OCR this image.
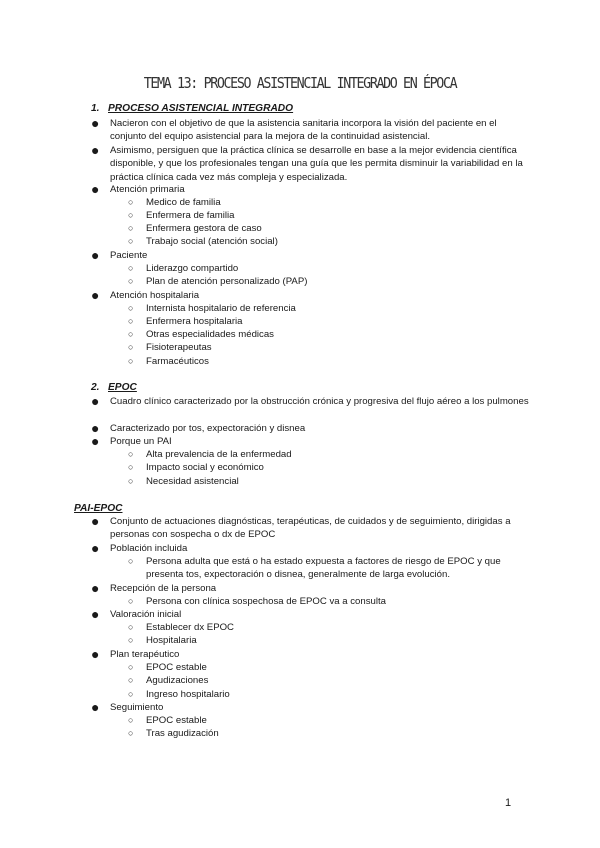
TEMA 13: PROCESO ASISTENCIAL INTEGRADO EN ÉPOCA
1. PROCESO ASISTENCIAL INTEGRADO
● Nacieron con el objetivo de que la asistencia sanitaria incorpora la visión del paciente en el conjunto del equipo asistencial para la mejora de la continuidad asistencial.
● Asimismo, persiguen que la práctica clínica se desarrolle en base a la mejor evidencia científica disponible, y que los profesionales tengan una guía que les permita disminuir la variabilidad en la práctica clínica cada vez más compleja y especializada.
● Atención primaria
○ Medico de familia
○ Enfermera de familia
○ Enfermera gestora de caso
○ Trabajo social (atención social)
● Paciente
○ Liderazgo compartido
○ Plan de atención personalizado (PAP)
● Atención hospitalaria
○ Internista hospitalario de referencia
○ Enfermera hospitalaria
○ Otras especialidades médicas
○ Fisioterapeutas
○ Farmacéuticos
2. EPOC
● Cuadro clínico caracterizado por la obstrucción crónica y progresiva del flujo aéreo a los pulmones
● Caracterizado por tos, expectoración y disnea
● Porque un PAI
○ Alta prevalencia de la enfermedad
○ Impacto social y económico
○ Necesidad asistencial
PAI-EPOC
● Conjunto de actuaciones diagnósticas, terapéuticas, de cuidados y de seguimiento, dirigidas a personas con sospecha o dx de EPOC
● Población incluida
○ Persona adulta que está o ha estado expuesta a factores de riesgo de EPOC y que presenta tos, expectoración o disnea, generalmente de larga evolución.
● Recepción de la persona
○ Persona con clínica sospechosa de EPOC va a consulta
● Valoración inicial
○ Establecer dx EPOC
○ Hospitalaria
● Plan terapéutico
○ EPOC estable
○ Agudizaciones
○ Ingreso hospitalario
● Seguimiento
○ EPOC estable
○ Tras agudización
1
